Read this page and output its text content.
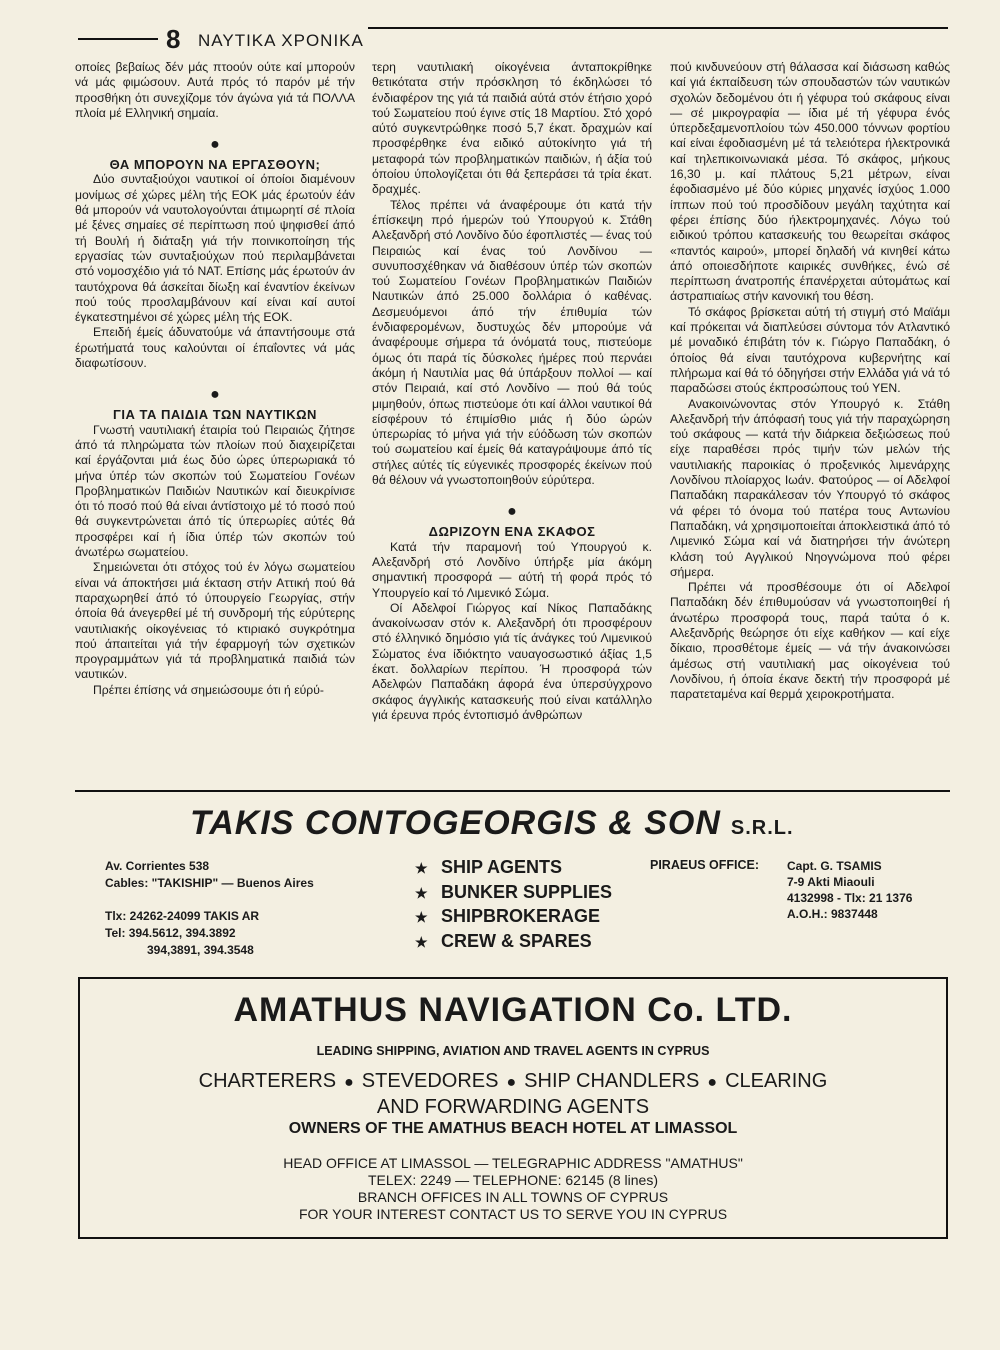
8 ΝΑΥΤΙΚΑ ΧΡΟΝΙΚΑ

οποίες βεβαίως δέν μάς πτοούν ούτε καί μπορούν νά μάς φιμώσουν. Αυτά πρός τό παρόν μέ τήν προσθήκη ότι συνεχίζομε τόν άγώνα γιά τά ΠΟΛΛΑ πλοία μέ Ελληνική σημαία.

●
ΘΑ ΜΠΟΡΟΥΝ ΝΑ ΕΡΓΑΣΘΟΥΝ;

Δύο συνταξιούχοι ναυτικοί οί όποίοι διαμένουν μονίμως σέ χώρες μέλη τής ΕΟΚ μάς έρωτούν έάν θά μπορούν νά ναυτολογούνται άτιμωρητί σέ πλοία μέ ξένες σημαίες σέ περίπτωση πού ψηφισθεί άπό τή Βουλή ή διάταξη γιά τήν ποινικοποίηση τής εργασίας τών συνταξιούχων πού περιλαμβάνεται στό νομοσχέδιο γιά τό ΝΑΤ. Επίσης μάς έρωτούν άν ταυτόχρονα θά άσκείται δίωξη καί έναντίον έκείνων πού τούς προσλαμβάνουν καί είναι καί αυτοί έγκατεστημένοι σέ χώρες μέλη τής ΕΟΚ.

Επειδή έμείς άδυνατούμε νά άπαντήσουμε στά έρωτήματά τους καλούνται οί έπαΐοντες νά μάς διαφωτίσουν.

●
ΓΙΑ ΤΑ ΠΑΙΔΙΑ ΤΩΝ ΝΑΥΤΙΚΩΝ

Γνωστή ναυτιλιακή έταιρία τού Πειραιώς ζήτησε άπό τά πληρώματα τών πλοίων πού διαχειρίζεται καί έργάζονται μιά έως δύο ώρες ύπερωριακά τό μήνα ύπέρ τών σκοπών τού Σωματείου Γονέων Προβληματικών Παιδιών Ναυτικών καί διευκρίνισε ότι τό ποσό πού θά είναι άντίστοιχο μέ τό ποσό πού θά συγκεντρώνεται άπό τίς ύπερωρίες αύτές θά προσφέρει καί ή ίδια ύπέρ τών σκοπών τού άνωτέρω σωματείου.

Σημειώνεται ότι στόχος τού έν λόγω σωματείου είναι νά άποκτήσει μιά έκταση στήν Αττική πού θά παραχωρηθεί άπό τό ύπουργείο Γεωργίας, στήν όποία θά άνεγερθεί μέ τή συνδρομή τής εύρύτερης ναυτιλιακής οίκογένειας τό κτιριακό συγκρότημα πού άπαιτείται γιά τήν έφαρμογή τών σχετικών προγραμμάτων γιά τά προβληματικά παιδιά τών ναυτικών.

Πρέπει έπίσης νά σημειώσουμε ότι ή εύρύ-

τερη ναυτιλιακή οίκογένεια άνταποκρίθηκε θετικότατα στήν πρόσκληση τό έκδηλώσει τό ένδιαφέρον της γιά τά παιδιά αύτά στόν έτήσιο χορό τού Σωματείου πού έγινε στίς 18 Μαρτίου. Στό χορό αύτό συγκεντρώθηκε ποσό 5,7 έκατ. δραχμών καί προσφέρθηκε ένα ειδικό αύτοκίνητο γιά τή μεταφορά τών προβληματικών παιδιών, ή άξία τού όποίου ύπολογίζεται ότι θά ξεπεράσει τά τρία έκατ. δραχμές.

Τέλος πρέπει νά άναφέρουμε ότι κατά τήν έπίσκεψη πρό ήμερών τού Υπουργού κ. Στάθη Αλεξανδρή στό Λονδίνο δύο έφοπλιστές — ένας τού Πειραιώς καί ένας τού Λονδίνου — συνυποσχέθηκαν νά διαθέσουν ύπέρ τών σκοπών τού Σωματείου Γονέων Προβληματικών Παιδιών Ναυτικών άπό 25.000 δολλάρια ό καθένας. Δεσμευόμενοι άπό τήν έπιθυμία τών ένδιαφερομένων, δυστυχώς δέν μπορούμε νά άναφέρουμε σήμερα τά όνόματά τους, πιστεύομε όμως ότι παρά τίς δύσκολες ήμέρες πού περνάει άκόμη ή Ναυτιλία μας θά ύπάρξουν πολλοί — καί στόν Πειραιά, καί στό Λονδίνο — πού θά τούς μιμηθούν, όπως πιστεύομε ότι καί άλλοι ναυτικοί θά είσφέρουν τό έπιμίσθιο μιάς ή δύο ώρών ύπερωρίας τό μήνα γιά τήν εύόδωση τών σκοπών τού σωματείου καί έμείς θά καταγράψουμε άπό τίς στήλες αύτές τίς εύγενικές προσφορές έκείνων πού θά θέλουν νά γνωστοποιηθούν εύρύτερα.

●
ΔΩΡΙΖΟΥΝ ΕΝΑ ΣΚΑΦΟΣ

Κατά τήν παραμονή τού Υπουργού κ. Αλεξανδρή στό Λονδίνο ύπήρξε μία άκόμη σημαντική προσφορά — αύτή τή φορά πρός τό Υπουργείο καί τό Λιμενικό Σώμα.

Οί Αδελφοί Γιώργος καί Νίκος Παπαδάκης άνακοίνωσαν στόν κ. Αλεξανδρή ότι προσφέρουν στό έλληνικό δημόσιο γιά τίς άνάγκες τού Λιμενικού Σώματος ένα ίδιόκτητο ναυαγοσωστικό άξίας 1,5 έκατ. δολλαρίων περίπου. Ή προσφορά τών Αδελφών Παπαδάκη άφορά ένα ύπερσύγχρονο σκάφος άγγλικής κατασκευής πού είναι κατάλληλο γιά έρευνα πρός έντοπισμό άνθρώπων

πού κινδυνεύουν στή θάλασσα καί διάσωση καθώς καί γιά έκπαίδευση τών σπουδαστών τών ναυτικών σχολών δεδομένου ότι ή γέφυρα τού σκάφους είναι — σέ μικρογραφία — ίδια μέ τή γέφυρα ένός ύπερδεξαμενοπλοίου τών 450.000 τόννων φορτίου καί είναι έφοδιασμένη μέ τά τελειότερα ήλεκτρονικά καί τηλεπικοινωνιακά μέσα. Τό σκάφος, μήκους 16,30 μ. καί πλάτους 5,21 μέτρων, είναι έφοδιασμένο μέ δύο κύριες μηχανές ίσχύος 1.000 ίππων πού τού προσδίδουν μεγάλη ταχύτητα καί φέρει έπίσης δύο ήλεκτρομηχανές. Λόγω τού ειδικού τρόπου κατασκευής του θεωρείται σκάφος «παντός καιρού», μπορεί δηλαδή νά κινηθεί κάτω άπό οποιεσδήποτε καιρικές συνθήκες, ένώ σέ περίπτωση άνατροπής έπανέρχεται αύτομάτως καί άστραπιαίως στήν κανονική του θέση.

Τό σκάφος βρίσκεται αύτή τή στιγμή στό Μαϊάμι καί πρόκειται νά διαπλεύσει σύντομα τόν Ατλαντικό μέ μοναδικό έπιβάτη τόν κ. Γιώργο Παπαδάκη, ό όποίος θά είναι ταυτόχρονα κυβερνήτης καί πλήρωμα καί θά τό όδηγήσει στήν Ελλάδα γιά νά τό παραδώσει στούς έκπροσώπους τού ΥΕΝ.

Ανακοινώνοντας στόν Υπουργό κ. Στάθη Αλεξανδρή τήν άπόφασή τους γιά τήν παραχώρηση τού σκάφους — κατά τήν διάρκεια δεξιώσεως πού είχε παραθέσει πρός τιμήν τών μελών τής ναυτιλιακής παροικίας ό προξενικός λιμενάρχης Λονδίνου πλοίαρχος Ιωάν. Φατούρος — οί Αδελφοί Παπαδάκη παρακάλεσαν τόν Υπουργό τό σκάφος νά φέρει τό όνομα τού πατέρα τους Αντωνίου Παπαδάκη, νά χρησιμοποιείται άποκλειστικά άπό τό Λιμενικό Σώμα καί νά διατηρήσει τήν άνώτερη κλάση τού Αγγλικού Νηογνώμονα πού φέρει σήμερα.

Πρέπει νά προσθέσουμε ότι οί Αδελφοί Παπαδάκη δέν έπιθυμούσαν νά γνωστοποιηθεί ή άνωτέρω προσφορά τους, παρά ταύτα ό κ. Αλεξανδρής θεώρησε ότι είχε καθήκον — καί είχε δίκαιο, προσθέτομε έμείς — νά τήν άνακοινώσει άμέσως στή ναυτιλιακή μας οίκογένεια τού Λονδίνου, ή όποία έκανε δεκτή τήν προσφορά μέ παρατεταμένα καί θερμά χειροκροτήματα.

TAKIS CONTOGEORGIS & SON S.R.L.
Av. Corrientes 538
Cables: "TAKISHIP" — Buenos Aires
Tlx: 24262-24099 TAKIS AR
Tel: 394.5612, 394.3892
394,3891, 394.3548
★ SHIP AGENTS
★ BUNKER SUPPLIES
★ SHIPBROKERAGE
★ CREW & SPARES
PIRAEUS OFFICE: Capt. G. TSAMIS
7-9 Akti Miaouli
4132998 - Tlx: 21 1376
A.O.H.: 9837448
AMATHUS NAVIGATION Co. LTD.
LEADING SHIPPING, AVIATION AND TRAVEL AGENTS IN CYPRUS
CHARTERERS ● STEVEDORES ● SHIP CHANDLERS ● CLEARING
AND FORWARDING AGENTS
OWNERS OF THE AMATHUS BEACH HOTEL AT LIMASSOL
HEAD OFFICE AT LIMASSOL — TELEGRAPHIC ADDRESS "AMATHUS"
TELEX: 2249 — TELEPHONE: 62145 (8 lines)
BRANCH OFFICES IN ALL TOWNS OF CYPRUS
FOR YOUR INTEREST CONTACT US TO SERVE YOU IN CYPRUS
